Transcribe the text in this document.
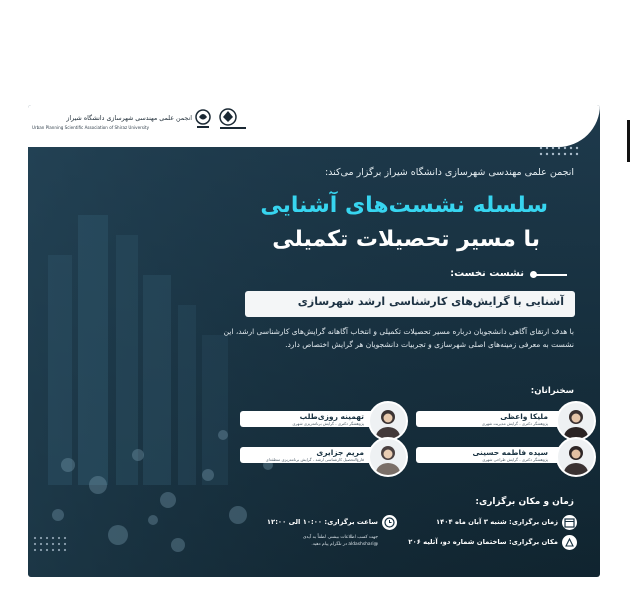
انجمن علمی مهندسی شهرسازی دانشگاه شیراز
Urban Planning Scientific Association of Shiraz University
انجمن علمی مهندسی شهرسازی دانشگاه شیراز برگزار می‌کند:
سلسله نشست‌های آشنایی
با مسیر تحصیلات تکمیلی
نشست نخست:
آشنایی با گرایش‌های کارشناسی ارشد شهرسازی
با هدف ارتقای آگاهی دانشجویان درباره مسیر تحصیلات تکمیلی و انتخاب آگاهانه گرایش‌های کارشناسی ارشد، این نشست به معرفی زمینه‌های اصلی شهرسازی و تجربیات دانشجویان هر گرایش اختصاص دارد.
سخنرانان:
ملیکا واعظی
پژوهشگر دکتری - گرایش مدیریت شهری
تهمینه روزی‌طلب
پژوهشگر دکتری - گرایش برنامه‌ریزی شهری
سیده فاطمه حسینی
پژوهشگر دکتری - گرایش طراحی شهری
مریم جزایری
فارغ‌التحصیل کارشناسی ارشد - گرایش برنامه‌ریزی منطقه‌ای
زمان و مکان برگزاری:
زمان برگزاری: شنبه ۳ آبان ماه ۱۴۰۴
ساعت برگزاری: ۱۰:۰۰ الی ۱۲:۰۰
مکان برگزاری: ساختمان شماره دو، آتلیه ۲۰۶
جهت کسب اطلاعات بیشتر، لطفاً به آیدی
@aldashshari در تلگرام پیام دهید.
